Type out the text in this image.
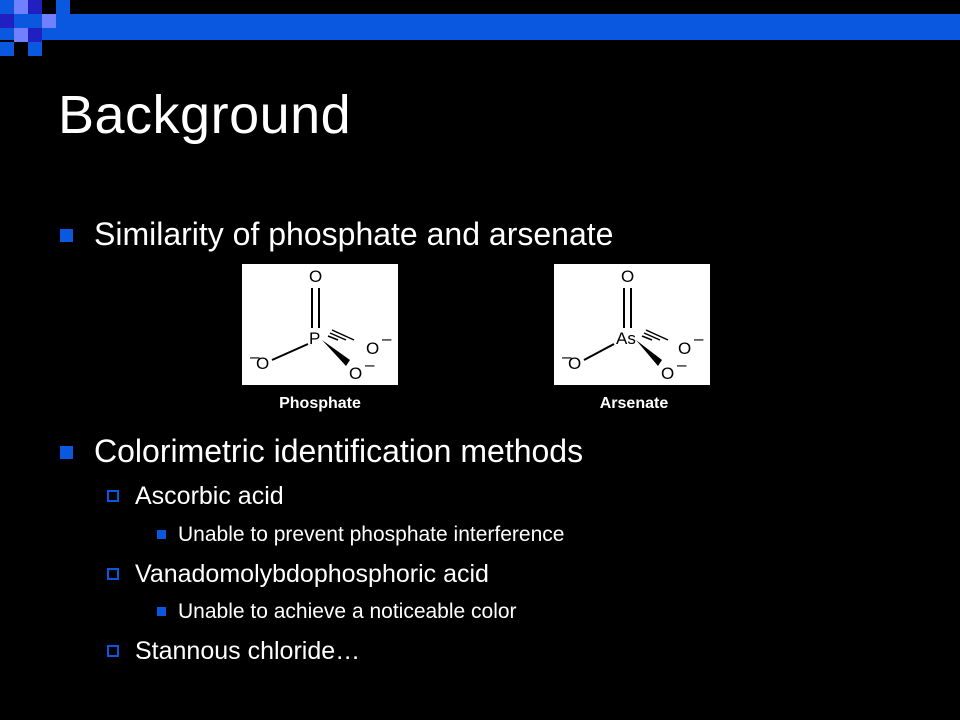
Background
Similarity of phosphate and arsenate
O
P
–
O
O
–
O –
Phosphate
O
As
–
O
O
–
O –
Arsenate
Colorimetric identification methods
Ascorbic acid
Unable to prevent phosphate interference
Vanadomolybdophosphoric acid
Unable to achieve a noticeable color
Stannous chloride…
